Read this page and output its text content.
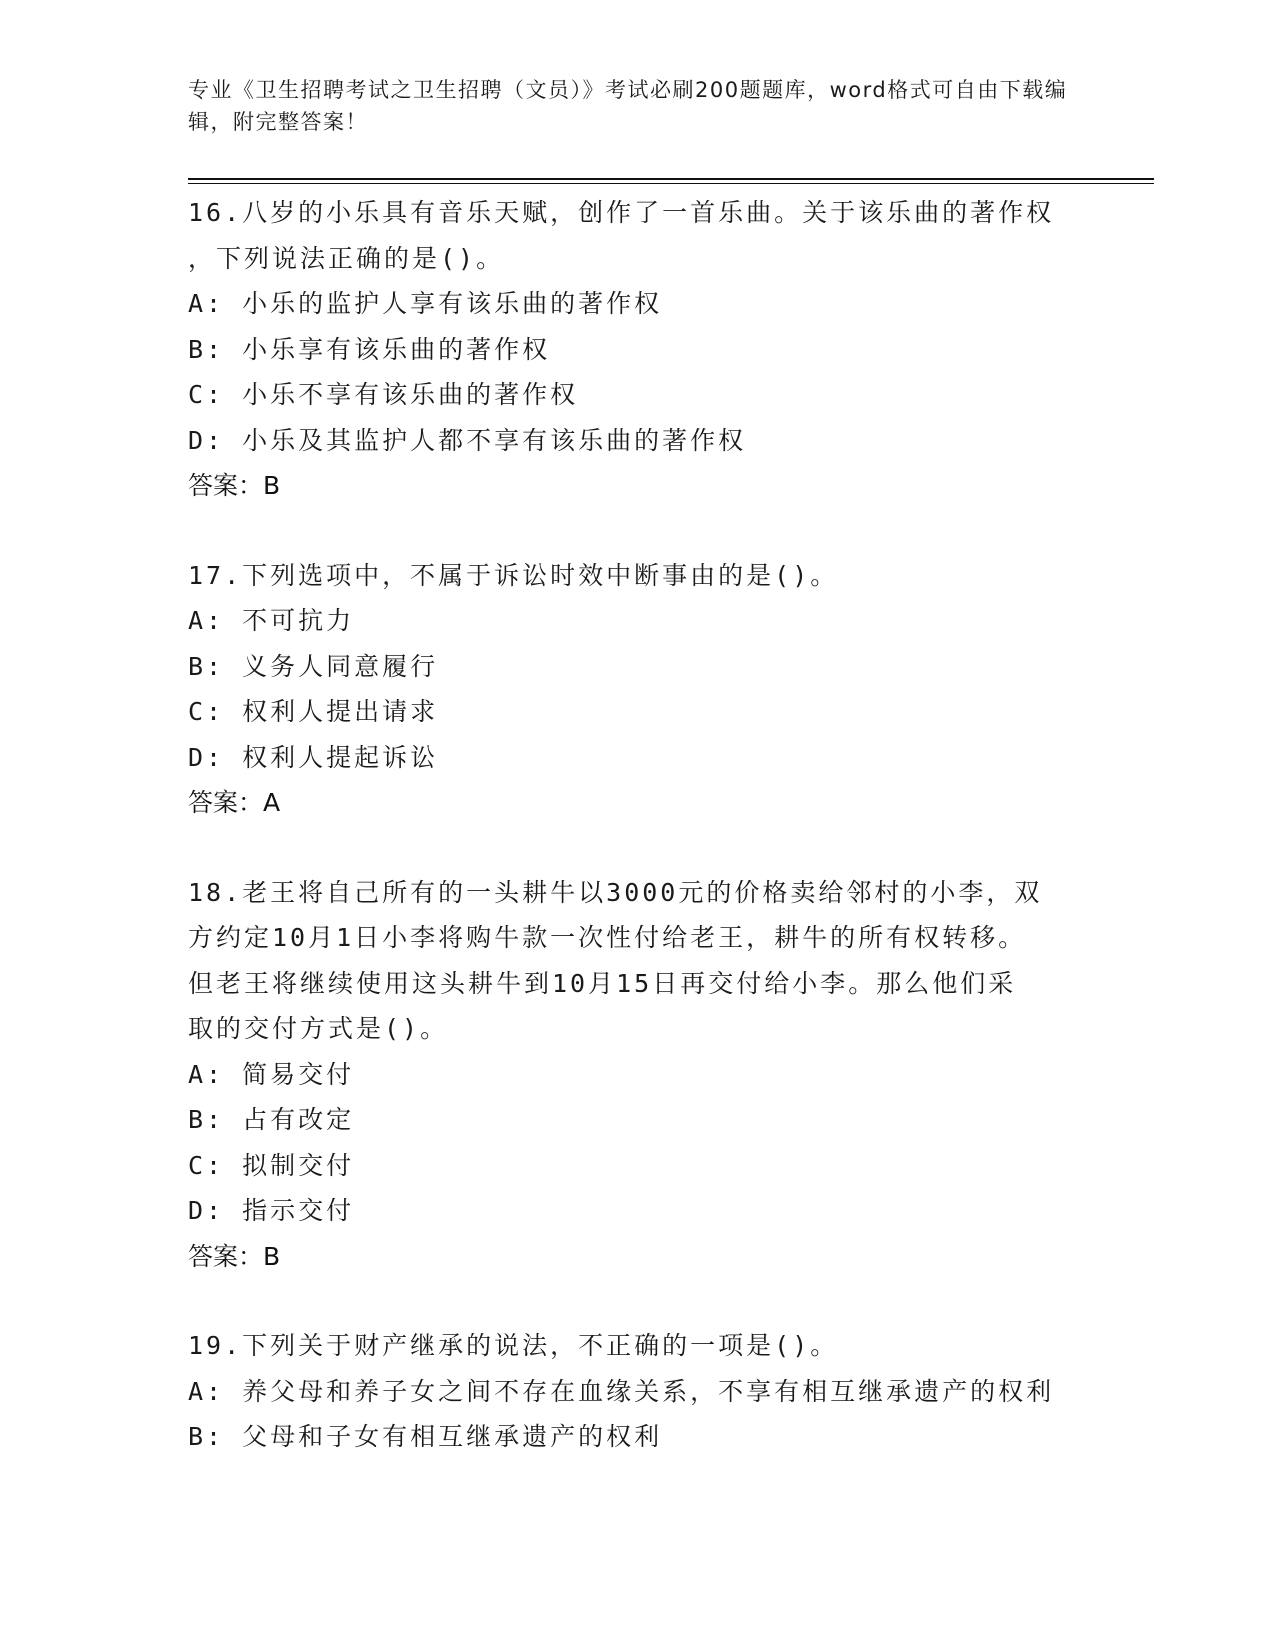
专业《卫生招聘考试之卫生招聘（文员）》考试必刷200题题库，word格式可自由下载编辑，附完整答案！

16.八岁的小乐具有音乐天赋，创作了一首乐曲。关于该乐曲的著作权

，下列说法正确的是()。

A: 小乐的监护人享有该乐曲的著作权

B: 小乐享有该乐曲的著作权

C: 小乐不享有该乐曲的著作权

D: 小乐及其监护人都不享有该乐曲的著作权

答案：B

17.下列选项中，不属于诉讼时效中断事由的是()。

A: 不可抗力

B: 义务人同意履行

C: 权利人提出请求

D: 权利人提起诉讼

答案：A

18.老王将自己所有的一头耕牛以3000元的价格卖给邻村的小李，双

方约定10月1日小李将购牛款一次性付给老王，耕牛的所有权转移。

但老王将继续使用这头耕牛到10月15日再交付给小李。那么他们采

取的交付方式是()。

A: 简易交付

B: 占有改定

C: 拟制交付

D: 指示交付

答案：B

19.下列关于财产继承的说法，不正确的一项是()。

A: 养父母和养子女之间不存在血缘关系，不享有相互继承遗产的权利

B: 父母和子女有相互继承遗产的权利
